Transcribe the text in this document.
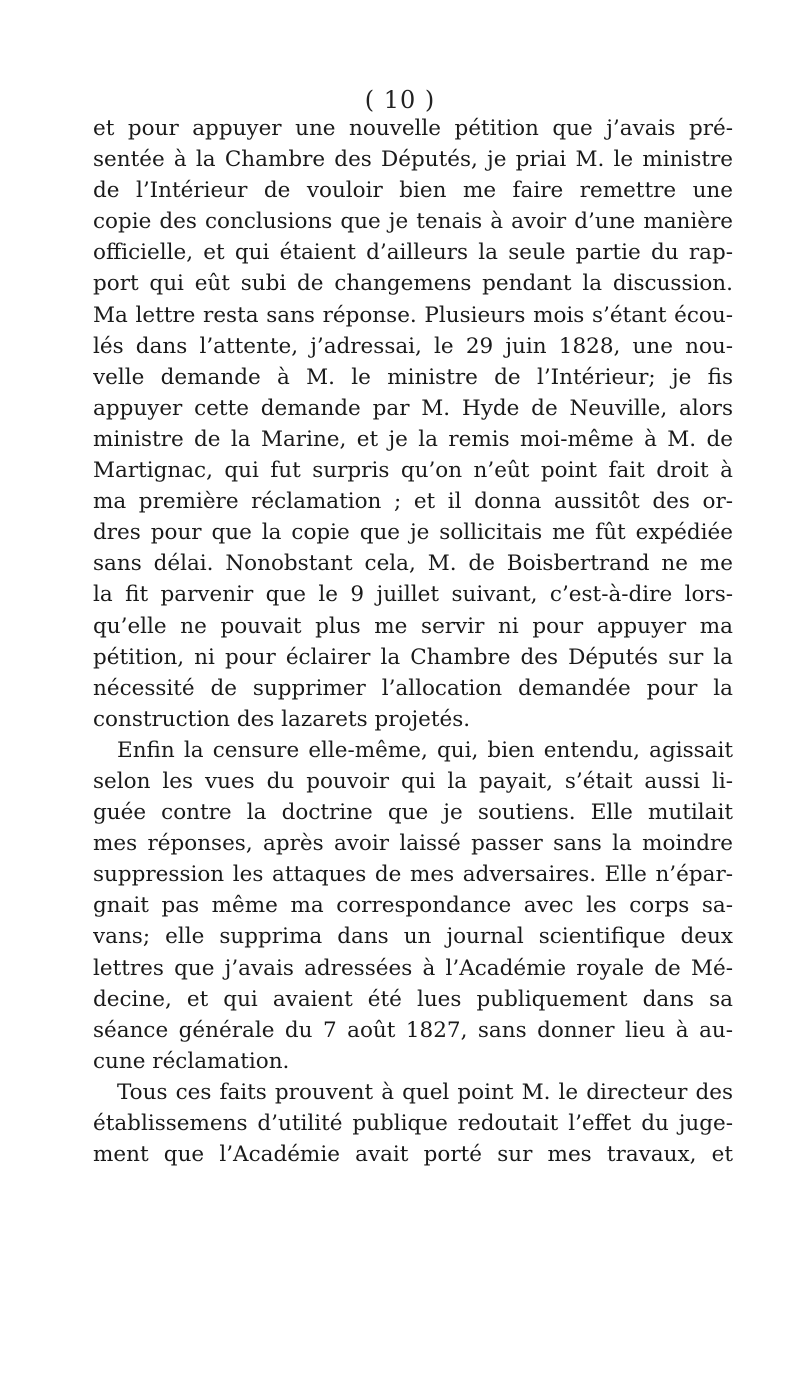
( 10 )
et pour appuyer une nouvelle pétition que j’avais pré-
sentée à la Chambre des Députés, je priai M. le ministre
de l’Intérieur de vouloir bien me faire remettre une
copie des conclusions que je tenais à avoir d’une manière
officielle, et qui étaient d’ailleurs la seule partie du rap-
port qui eût subi de changemens pendant la discussion.
Ma lettre resta sans réponse. Plusieurs mois s’étant écou-
lés dans l’attente, j’adressai, le 29 juin 1828, une nou-
velle demande à M. le ministre de l’Intérieur; je fis
appuyer cette demande par M. Hyde de Neuville, alors
ministre de la Marine, et je la remis moi-même à M. de
Martignac, qui fut surpris qu’on n’eût point fait droit à
ma première réclamation ; et il donna aussitôt des or-
dres pour que la copie que je sollicitais me fût expédiée
sans délai. Nonobstant cela, M. de Boisbertrand ne me
la fit parvenir que le 9 juillet suivant, c’est-à-dire lors-
qu’elle ne pouvait plus me servir ni pour appuyer ma
pétition, ni pour éclairer la Chambre des Députés sur la
nécessité de supprimer l’allocation demandée pour la
construction des lazarets projetés.
Enfin la censure elle-même, qui, bien entendu, agissait
selon les vues du pouvoir qui la payait, s’était aussi li-
guée contre la doctrine que je soutiens. Elle mutilait
mes réponses, après avoir laissé passer sans la moindre
suppression les attaques de mes adversaires. Elle n’épar-
gnait pas même ma correspondance avec les corps sa-
vans; elle supprima dans un journal scientifique deux
lettres que j’avais adressées à l’Académie royale de Mé-
decine, et qui avaient été lues publiquement dans sa
séance générale du 7 août 1827, sans donner lieu à au-
cune réclamation.
Tous ces faits prouvent à quel point M. le directeur des
établissemens d’utilité publique redoutait l’effet du juge-
ment que l’Académie avait porté sur mes travaux, et
